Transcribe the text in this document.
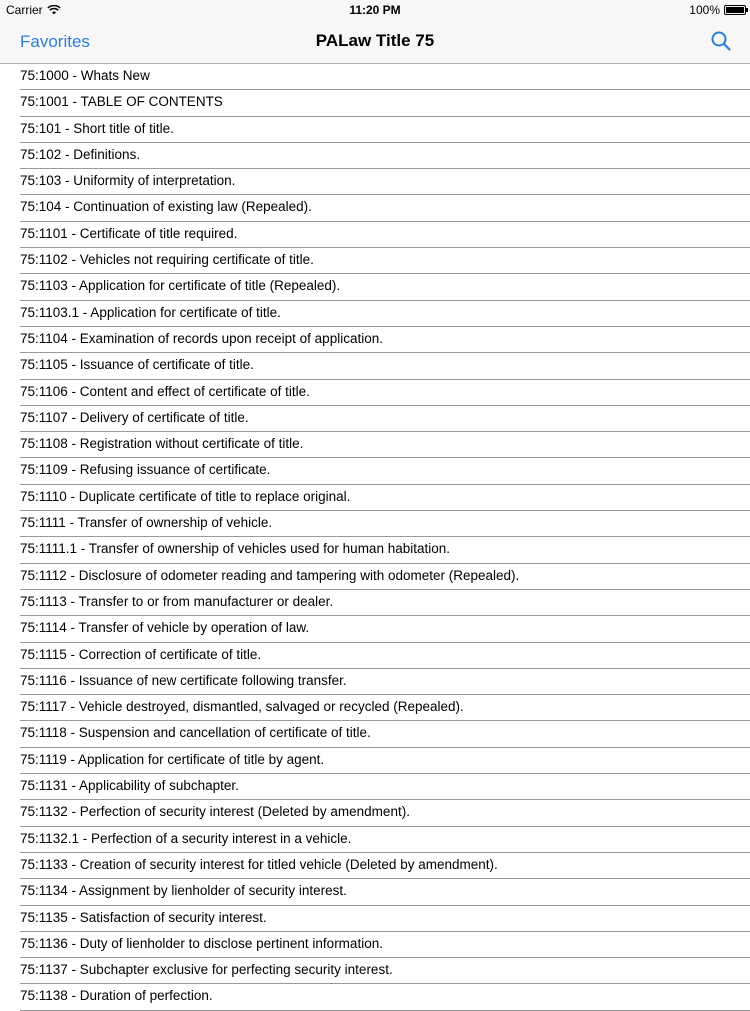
Carrier	11:20 PM	100%
Favorites	PALaw Title 75
75:1000 - Whats New
75:1001 - TABLE OF CONTENTS
75:101 - Short title of title.
75:102 - Definitions.
75:103 - Uniformity of interpretation.
75:104 - Continuation of existing law (Repealed).
75:1101 - Certificate of title required.
75:1102 - Vehicles not requiring certificate of title.
75:1103 - Application for certificate of title (Repealed).
75:1103.1 - Application for certificate of title.
75:1104 - Examination of records upon receipt of application.
75:1105 - Issuance of certificate of title.
75:1106 - Content and effect of certificate of title.
75:1107 - Delivery of certificate of title.
75:1108 - Registration without certificate of title.
75:1109 - Refusing issuance of certificate.
75:1110 - Duplicate certificate of title to replace original.
75:1111 - Transfer of ownership of vehicle.
75:1111.1 - Transfer of ownership of vehicles used for human habitation.
75:1112 - Disclosure of odometer reading and tampering with odometer (Repealed).
75:1113 - Transfer to or from manufacturer or dealer.
75:1114 - Transfer of vehicle by operation of law.
75:1115 - Correction of certificate of title.
75:1116 - Issuance of new certificate following transfer.
75:1117 - Vehicle destroyed, dismantled, salvaged or recycled (Repealed).
75:1118 - Suspension and cancellation of certificate of title.
75:1119 - Application for certificate of title by agent.
75:1131 - Applicability of subchapter.
75:1132 - Perfection of security interest (Deleted by amendment).
75:1132.1 - Perfection of a security interest in a vehicle.
75:1133 - Creation of security interest for titled vehicle (Deleted by amendment).
75:1134 - Assignment by lienholder of security interest.
75:1135 - Satisfaction of security interest.
75:1136 - Duty of lienholder to disclose pertinent information.
75:1137 - Subchapter exclusive for perfecting security interest.
75:1138 - Duration of perfection.
